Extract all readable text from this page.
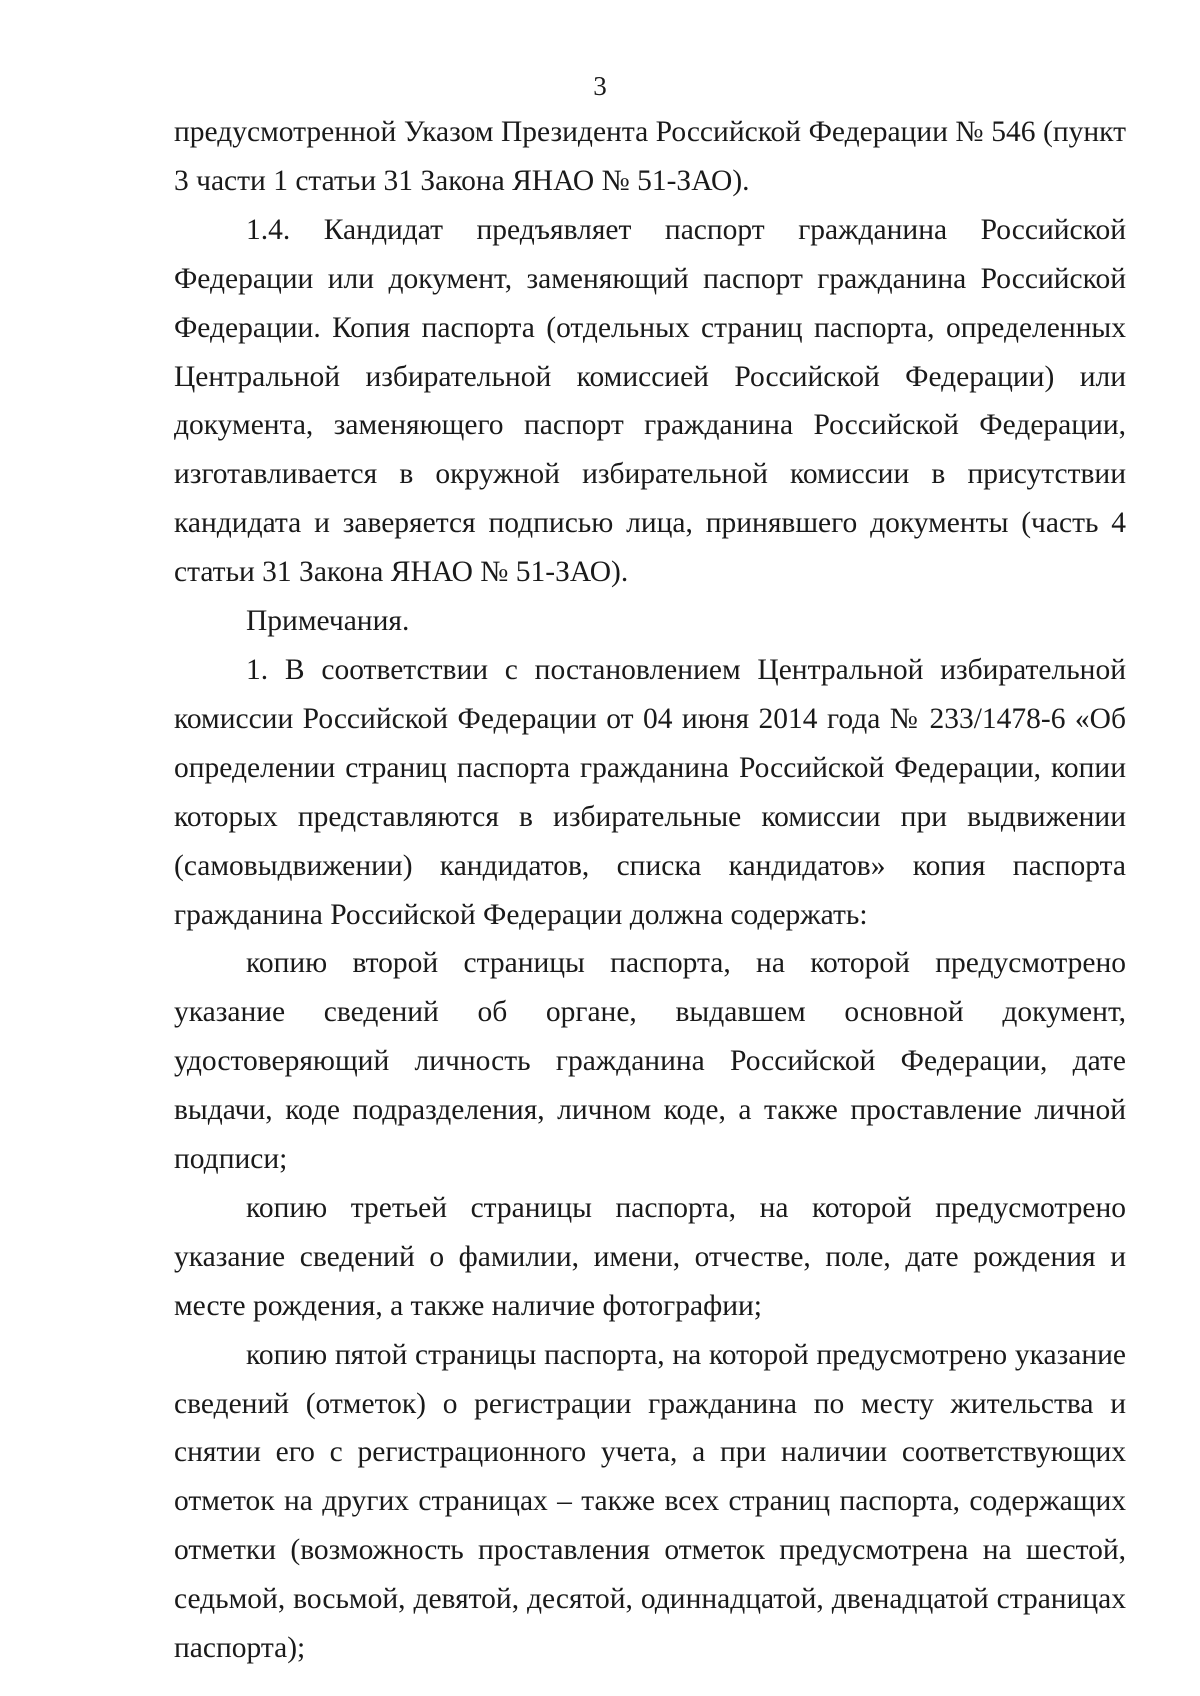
3

предусмотренной Указом Президента Российской Федерации № 546 (пункт 3 части 1 статьи 31 Закона ЯНАО № 51-ЗАО).

1.4. Кандидат предъявляет паспорт гражданина Российской Федерации или документ, заменяющий паспорт гражданина Российской Федерации. Копия паспорта (отдельных страниц паспорта, определенных Центральной избирательной комиссией Российской Федерации) или документа, заменяющего паспорт гражданина Российской Федерации, изготавливается в окружной избирательной комиссии в присутствии кандидата и заверяется подписью лица, принявшего документы (часть 4 статьи 31 Закона ЯНАО № 51-ЗАО).

Примечания.

1. В соответствии с постановлением Центральной избирательной комиссии Российской Федерации от 04 июня 2014 года № 233/1478-6 «Об определении страниц паспорта гражданина Российской Федерации, копии которых представляются в избирательные комиссии при выдвижении (самовыдвижении) кандидатов, списка кандидатов» копия паспорта гражданина Российской Федерации должна содержать:

копию второй страницы паспорта, на которой предусмотрено указание сведений об органе, выдавшем основной документ, удостоверяющий личность гражданина Российской Федерации, дате выдачи, коде подразделения, личном коде, а также проставление личной подписи;

копию третьей страницы паспорта, на которой предусмотрено указание сведений о фамилии, имени, отчестве, поле, дате рождения и месте рождения, а также наличие фотографии;

копию пятой страницы паспорта, на которой предусмотрено указание сведений (отметок) о регистрации гражданина по месту жительства и снятии его с регистрационного учета, а при наличии соответствующих отметок на других страницах – также всех страниц паспорта, содержащих отметки (возможность проставления отметок предусмотрена на шестой, седьмой, восьмой, девятой, десятой, одиннадцатой, двенадцатой страницах паспорта);
